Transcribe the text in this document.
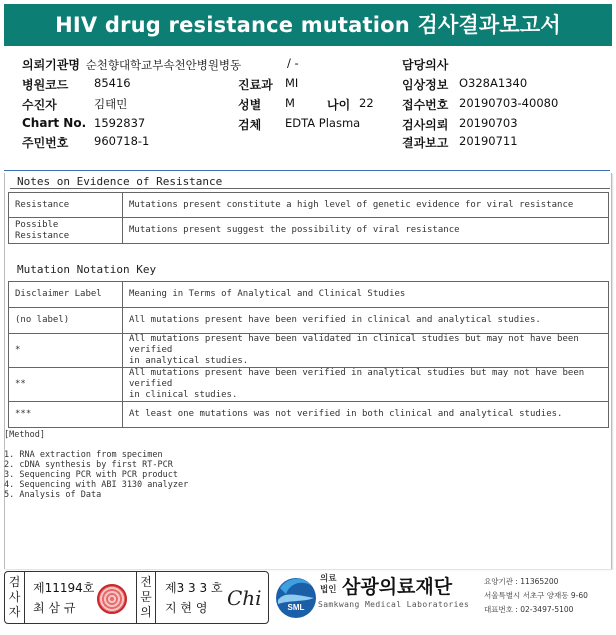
HIV drug resistance mutation 검사결과보고서
의뢰기관명 순천향대학교부속천안병원병동	/ -	담당의사
병원코드 85416	진료과 MI	임상정보 O328A1340
수진자	김태민	성별 M	나이 22 접수번호 20190703-40080
Chart No. 1592837	검체 EDTA Plasma	검사의뢰 20190703
주민번호 960718-1	결과보고 20190711
Notes on Evidence of Resistance
Resistance	Mutations present constitute a high level of genetic evidence for viral resistance
Possible Resistance	Mutations present suggest the possibility of viral resistance
Mutation Notation Key
Disclaimer Label	Meaning in Terms of Analytical and Clinical Studies
(no label)	All mutations present have been verified in clinical and analytical studies.
*	All mutations present have been validated in clinical studies but may not have been verified
in analytical studies.

**	All mutations present have been verified in analytical studies but may not have been verified
in clinical studies.

***	At least one mutations was not verified in both clinical and analytical studies.
[Method]
1. RNA extraction from specimen
2. cDNA synthesis by first RT-PCR
3. Sequencing PCR with PCR product
4. Sequencing with ABI 3130 analyzer
5. Analysis of Data
검사자
제11194호
최 삼 규
전문의
제3 3 3 호
지 현 영 Chi	SML
의료
법인 삼광의료재단
Samkwang Medical Laboratories
요양기관 : 11365200
서울특별시 서초구 양재동 9-60
대표번호 : 02-3497-5100
